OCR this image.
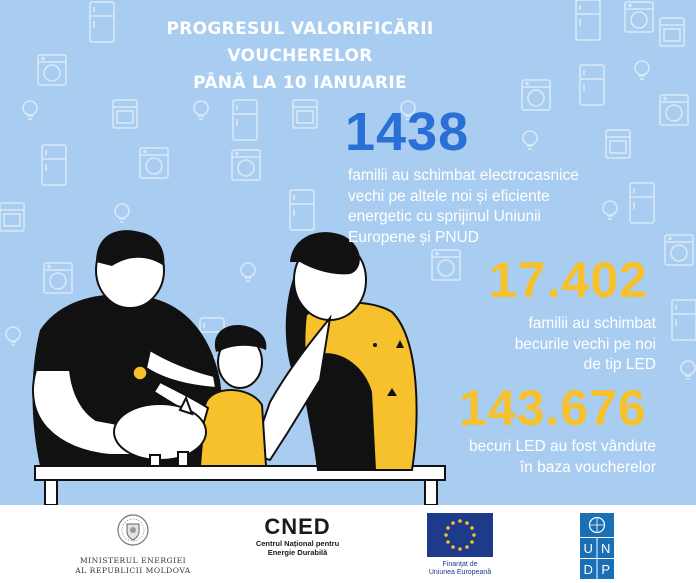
PROGRESUL VALORIFICĂRII
VOUCHERELOR
PÂNĂ LA 10 IANUARIE
1438
familii au schimbat electrocasnice
vechi pe altele noi și eficiente
energetic cu sprijinul Uniunii
Europene și PNUD
17.402
familii au schimbat
becurile vechi pe noi
de tip LED
143.676
becuri LED au fost vândute
în baza voucherelor
MINISTERUL ENERGIEI
AL REPUBLICII MOLDOVA
CNED
Centrul Național pentru
Energie Durabilă
Finanțat de
Uniunea Europeană
U N
D P
